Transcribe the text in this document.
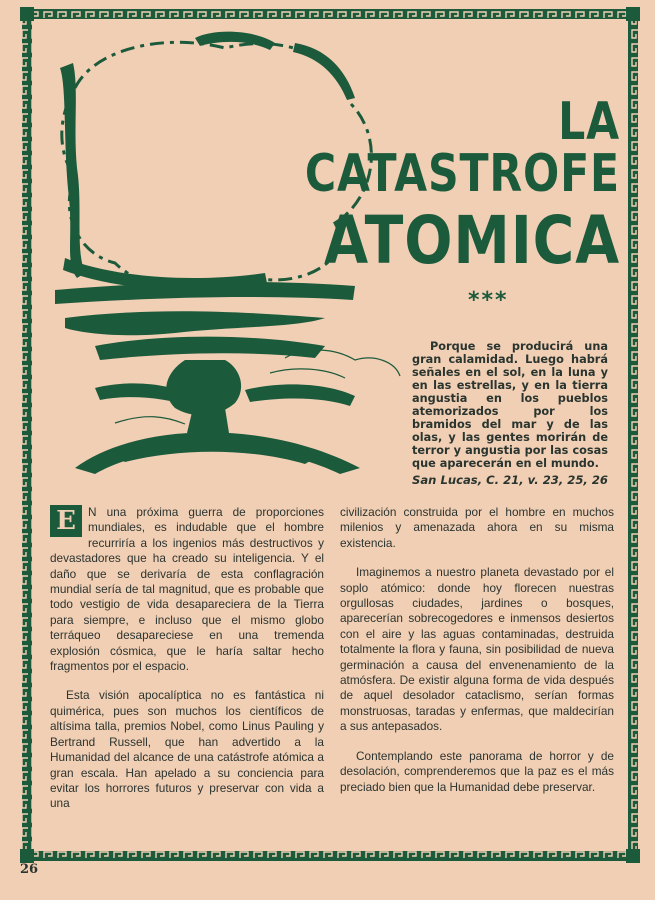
LA CATASTROFE
ATOMICA
***
Porque se producirá una gran calamidad. Luego habrá señales en el sol, en la luna y en las estrellas, y en la tierra angustia en los pueblos atemorizados por los bramidos del mar y de las olas, y las gentes morirán de terror y angustia por las cosas que aparecerán en el mundo.
San Lucas, C. 21, v. 23, 25, 26

E	N una próxima guerra de proporciones mundiales, es indudable que el hombre recurriría a los ingenios más destructivos y devastadores que ha creado su inteligencia. Y el daño que se derivaría de esta conflagración mundial sería de tal magnitud, que es probable que todo vestigio de vida desapareciera de la Tierra para siempre, e incluso que el mismo globo terráqueo desapareciese en una tremenda explosión cósmica, que le haría saltar hecho fragmentos por el espacio.

Esta visión apocalíptica no es fantástica ni quimérica, pues son muchos los científicos de altísima talla, premios Nobel, como Linus Pauling y Bertrand Russell, que han advertido a la Humanidad del alcance de una catástrofe atómica a gran escala. Han apelado a su conciencia para evitar los horrores futuros y preservar con vida a una

civilización construida por el hombre en muchos milenios y amenazada ahora en su misma existencia.

Imaginemos a nuestro planeta devastado por el soplo atómico: donde hoy florecen nuestras orgullosas ciudades, jardines o bosques, aparecerían sobrecogedores e inmensos desiertos con el aire y las aguas contaminadas, destruida totalmente la flora y fauna, sin posibilidad de nueva germinación a causa del envenenamiento de la atmósfera. De existir alguna forma de vida después de aquel desolador cataclismo, serían formas monstruosas, taradas y enfermas, que maldecirían a sus antepasados.

Contemplando este panorama de horror y de desolación, comprenderemos que la paz es el más preciado bien que la Humanidad debe preservar.

26
